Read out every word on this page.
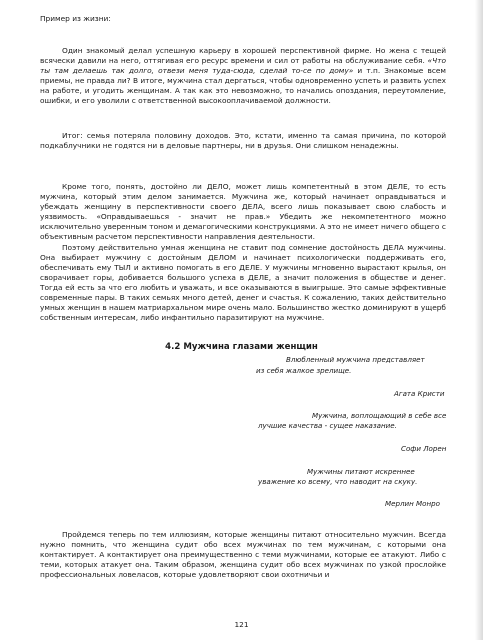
Пример из жизни:

Один знакомый делал успешную карьеру в хорошей перспективной фирме. Но жена с тещей всячески давили на него, оттягивая его ресурс времени и сил от работы на обслуживание себя. «Что ты там делаешь так долго, отвези меня туда-сюда, сделай то-се по дому» и т.п. Знакомые всем приемы, не правда ли? В итоге, мужчина стал дергаться, чтобы одновременно успеть и развить успех на работе, и угодить женщинам. А так как это невозможно, то начались опоздания, переутомление, ошибки, и его уволили с ответственной высокооплачиваемой должности.

Итог: семья потеряла половину доходов. Это, кстати, именно та самая причина, по которой подкаблучники не годятся ни в деловые партнеры, ни в друзья. Они слишком ненадежны.

Кроме того, понять, достойно ли ДЕЛО, может лишь компетентный в этом ДЕЛЕ, то есть мужчина, который этим делом занимается. Мужчина же, который начинает оправдываться и убеждать женщину в перспективности своего ДЕЛА, всего лишь показывает свою слабость и уязвимость. «Оправдываешься - значит не прав.» Убедить же некомпетентного можно исключительно уверенным тоном и демагогическими конструкциями. А это не имеет ничего общего с объективным расчетом перспективности направления деятельности.

Поэтому действительно умная женщина не ставит под сомнение достойность ДЕЛА мужчины. Она выбирает мужчину с достойным ДЕЛОМ и начинает психологически поддерживать его, обеспечивать ему ТЫЛ и активно помогать в его ДЕЛЕ. У мужчины мгновенно вырастают крылья, он сворачивает горы, добивается большого успеха в ДЕЛЕ, а значит положения в обществе и денег. Тогда ей есть за что его любить и уважать, и все оказываются в выигрыше. Это самые эффективные современные пары. В таких семьях много детей, денег и счастья. К сожалению, таких действительно умных женщин в нашем матриархальном мире очень мало. Большинство жестко доминируют в ущерб собственным интересам, либо инфантильно паразитируют на мужчине.

4.2 Мужчина глазами женщин

Влюбленный мужчина представляет

из себя жалкое зрелище.

Агата Кристи

Мужчина, воплощающий в себе все

лучшие качества - сущее наказание.

Софи Лорен

Мужчины питают искреннее

уважение ко всему, что наводит на скуку.

Мерлин Монро

Пройдемся теперь по тем иллюзиям, которые женщины питают относительно мужчин. Всегда нужно помнить, что женщина судит обо всех мужчинах по тем мужчинам, с которыми она контактирует. А контактирует она преимущественно с теми мужчинами, которые ее атакуют. Либо с теми, которых атакует она. Таким образом, женщина судит обо всех мужчинах по узкой прослойке профессиональных ловеласов, которые удовлетворяют свои охотничьи и

121
